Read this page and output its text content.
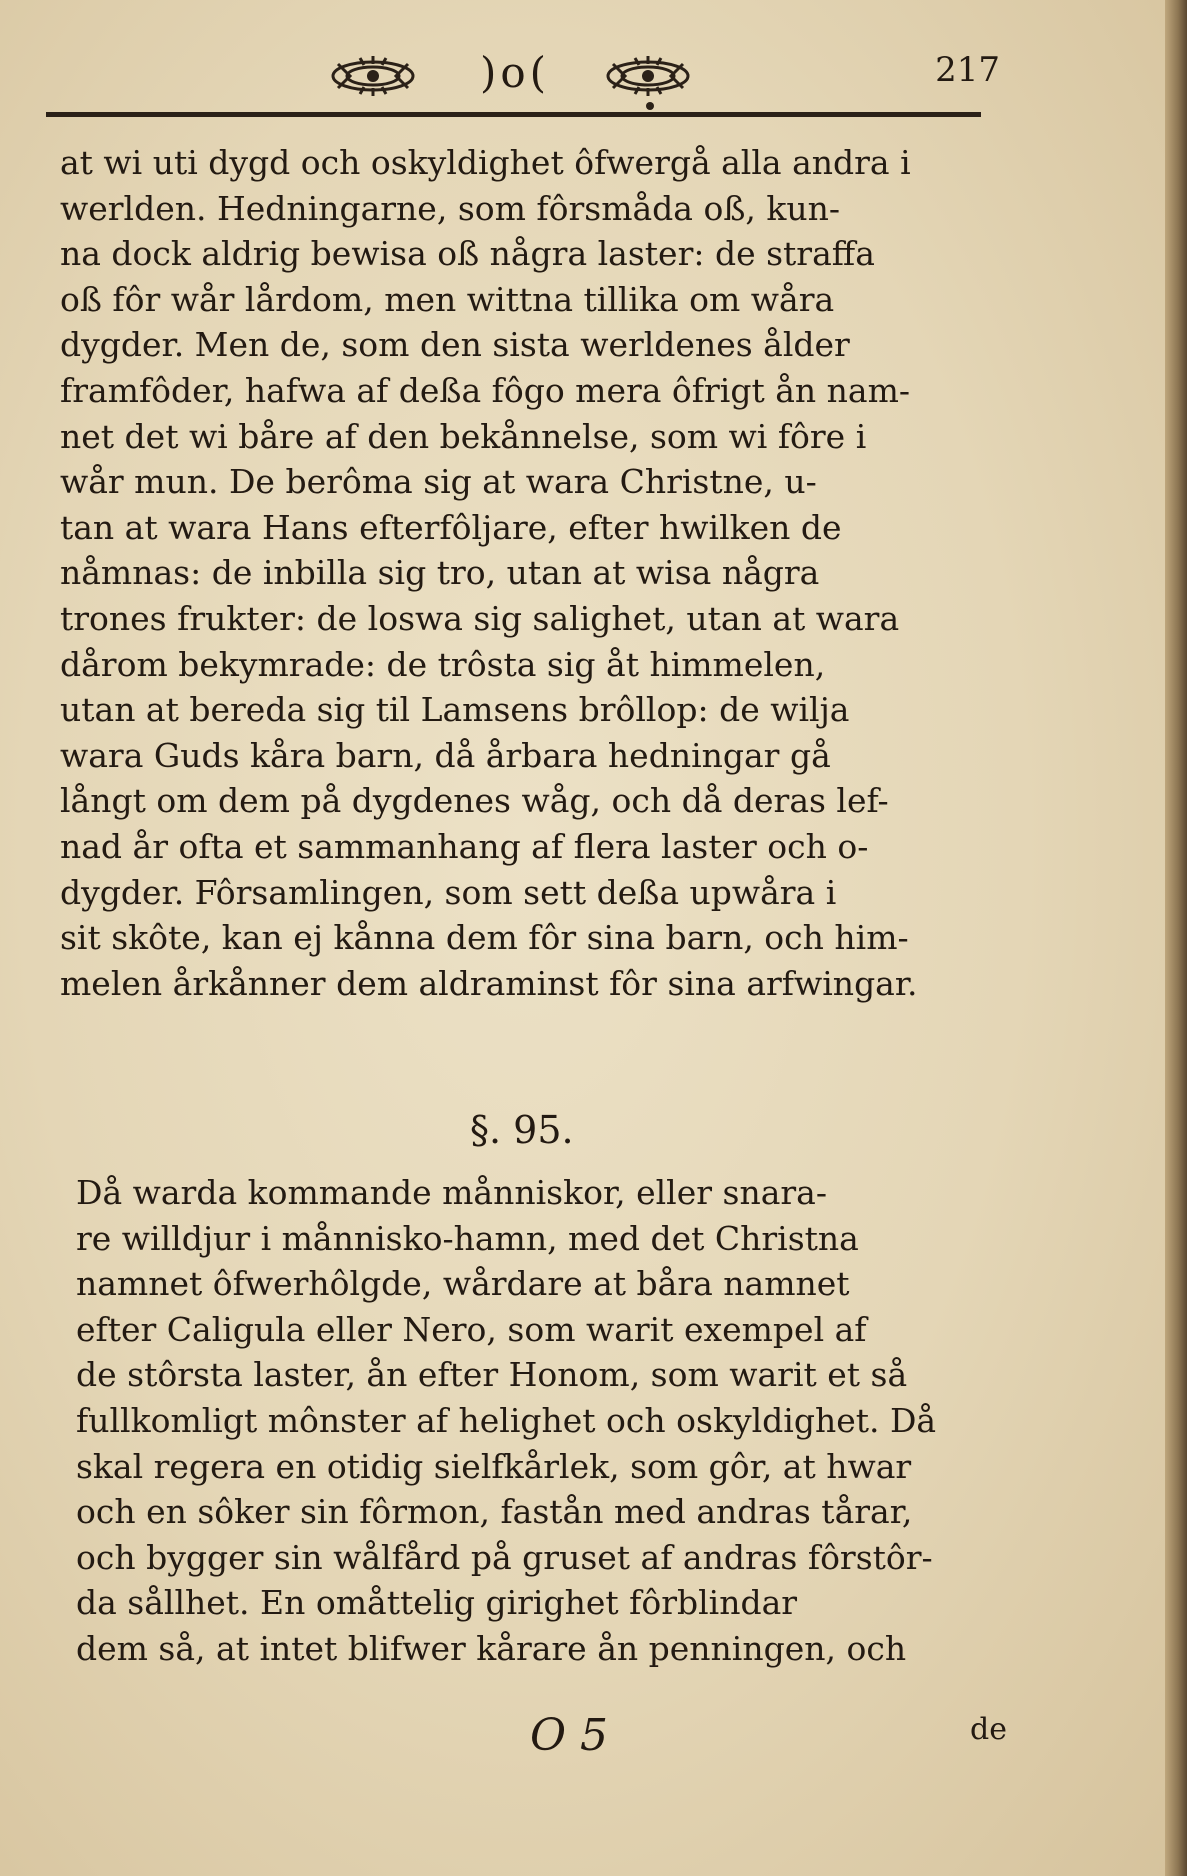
)o(	217
at wi uti dygd och oskyldighet ôfwergå alla andra i
werlden. Hedningarne, som fôrsmåda oß, kun-
na dock aldrig bewisa oß några laster: de straffa
oß fôr wår lårdom, men wittna tillika om wåra
dygder. Men de, som den sista werldenes ålder
framfôder, hafwa af deßa fôgo mera ôfrigt ån nam-
net det wi båre af den bekånnelse, som wi fôre i
wår mun. De berôma sig at wara Christne, u-
tan at wara Hans efterfôljare, efter hwilken de
nåmnas: de inbilla sig tro, utan at wisa några
trones frukter: de loswa sig salighet, utan at wara
dårom bekymrade: de trôsta sig åt himmelen,
utan at bereda sig til Lamsens brôllop: de wilja
wara Guds kåra barn, då årbara hedningar gå
långt om dem på dygdenes wåg, och då deras lef-
nad år ofta et sammanhang af flera laster och o-
dygder. Fôrsamlingen, som sett deßa upwåra i
sit skôte, kan ej kånna dem fôr sina barn, och him-
melen årkånner dem aldraminst fôr sina arfwingar.
§. 95.
Då warda kommande månniskor, eller snara-
re willdjur i månnisko-hamn, med det Christna
namnet ôfwerhôlgde, wårdare at båra namnet
efter Caligula eller Nero, som warit exempel af
de stôrsta laster, ån efter Honom, som warit et så
fullkomligt mônster af helighet och oskyldighet. Då
skal regera en otidig sielfkårlek, som gôr, at hwar
och en sôker sin fôrmon, fastån med andras tårar,
och bygger sin wålfård på gruset af andras fôrstôr-
da sållhet. En omåttelig girighet fôrblindar
dem så, at intet blifwer kårare ån penningen, och
O 5	de
